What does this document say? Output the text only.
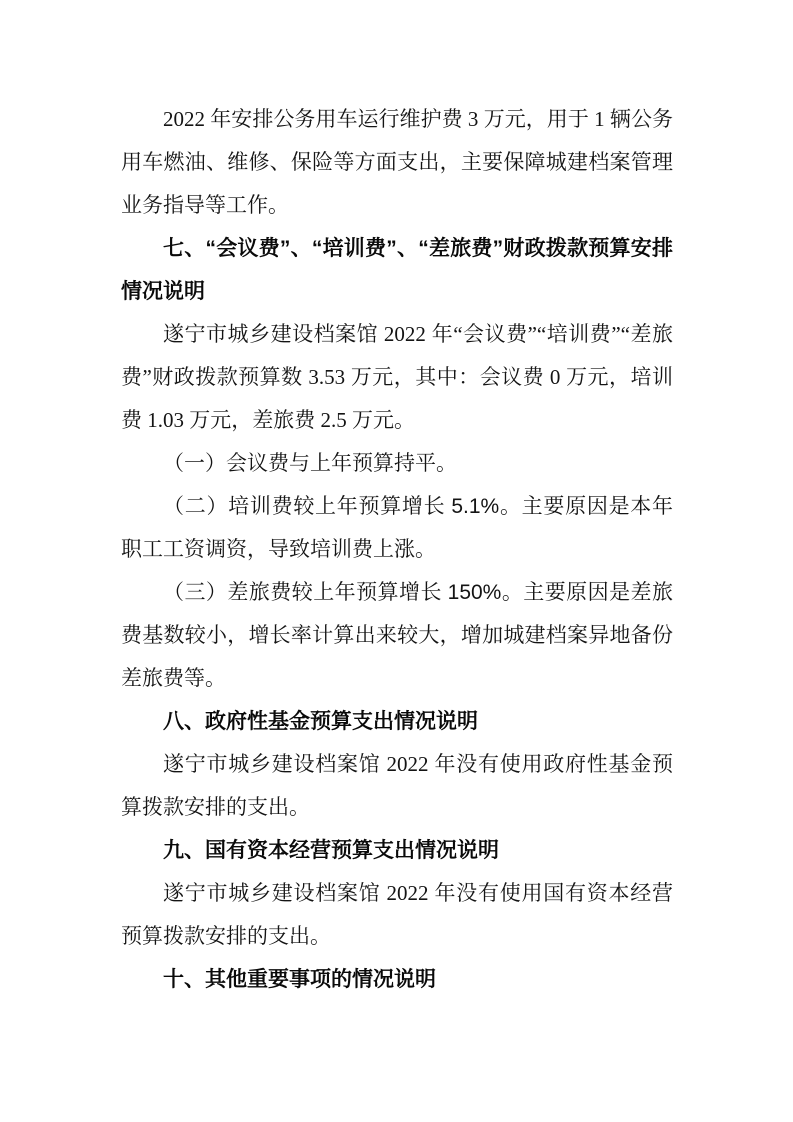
2022 年安排公务用车运行维护费 3 万元，用于 1 辆公务用车燃油、维修、保险等方面支出，主要保障城建档案管理业务指导等工作。

七、“会议费”、“培训费”、“差旅费”财政拨款预算安排情况说明

遂宁市城乡建设档案馆 2022 年“会议费”“培训费”“差旅费”财政拨款预算数 3.53 万元，其中：会议费 0 万元，培训费 1.03 万元，差旅费 2.5 万元。

（一）会议费与上年预算持平。

（二）培训费较上年预算增长 5.1%。主要原因是本年职工工资调资，导致培训费上涨。

（三）差旅费较上年预算增长 150%。主要原因是差旅费基数较小，增长率计算出来较大，增加城建档案异地备份差旅费等。

八、政府性基金预算支出情况说明

遂宁市城乡建设档案馆 2022 年没有使用政府性基金预算拨款安排的支出。

九、国有资本经营预算支出情况说明

遂宁市城乡建设档案馆 2022 年没有使用国有资本经营预算拨款安排的支出。

十、其他重要事项的情况说明
